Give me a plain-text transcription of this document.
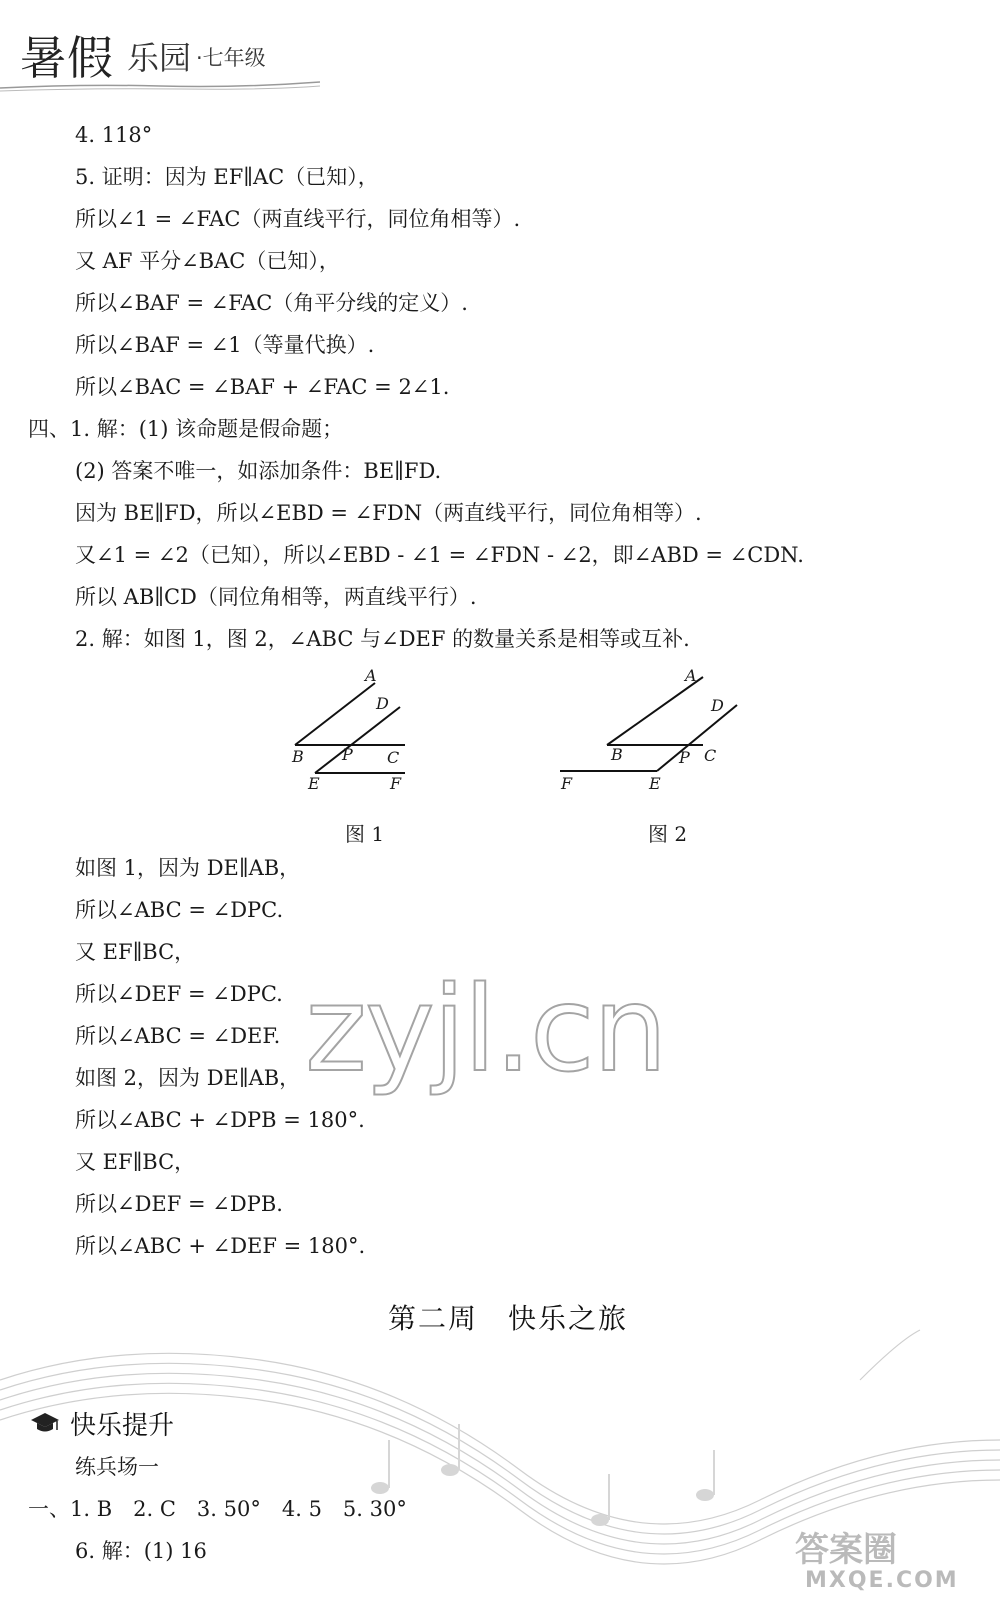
暑假 乐园 ·七年级
4. 118°
5. 证明：因为 EF∥AC（已知），
所以∠1 = ∠FAC（两直线平行，同位角相等）.
又 AF 平分∠BAC（已知），
所以∠BAF = ∠FAC（角平分线的定义）.
所以∠BAF = ∠1（等量代换）.
所以∠BAC = ∠BAF + ∠FAC = 2∠1.
四、1. 解：(1) 该命题是假命题；
(2) 答案不唯一，如添加条件：BE∥FD.
因为 BE∥FD，所以∠EBD = ∠FDN（两直线平行，同位角相等）.
又∠1 = ∠2（已知），所以∠EBD - ∠1 = ∠FDN - ∠2，即∠ABD = ∠CDN.
所以 AB∥CD（同位角相等，两直线平行）.
2. 解：如图 1，图 2，∠ABC 与∠DEF 的数量关系是相等或互补.
A
D
B P C
E	F
图 1
A
D
B	P C
F	E
图 2
如图 1，因为 DE∥AB，
所以∠ABC = ∠DPC.
又 EF∥BC，
所以∠DEF = ∠DPC.
所以∠ABC = ∠DEF.
如图 2，因为 DE∥AB，
所以∠ABC + ∠DPB = 180°.
又 EF∥BC，
所以∠DEF = ∠DPB.
所以∠ABC + ∠DEF = 180°.
zyjl.cn
第二周　快乐之旅
快乐提升
练兵场一
一、1. B　2. C　3. 50°　4. 5　5. 30°
6. 解：(1) 16	答案圈
MXQE.COM
